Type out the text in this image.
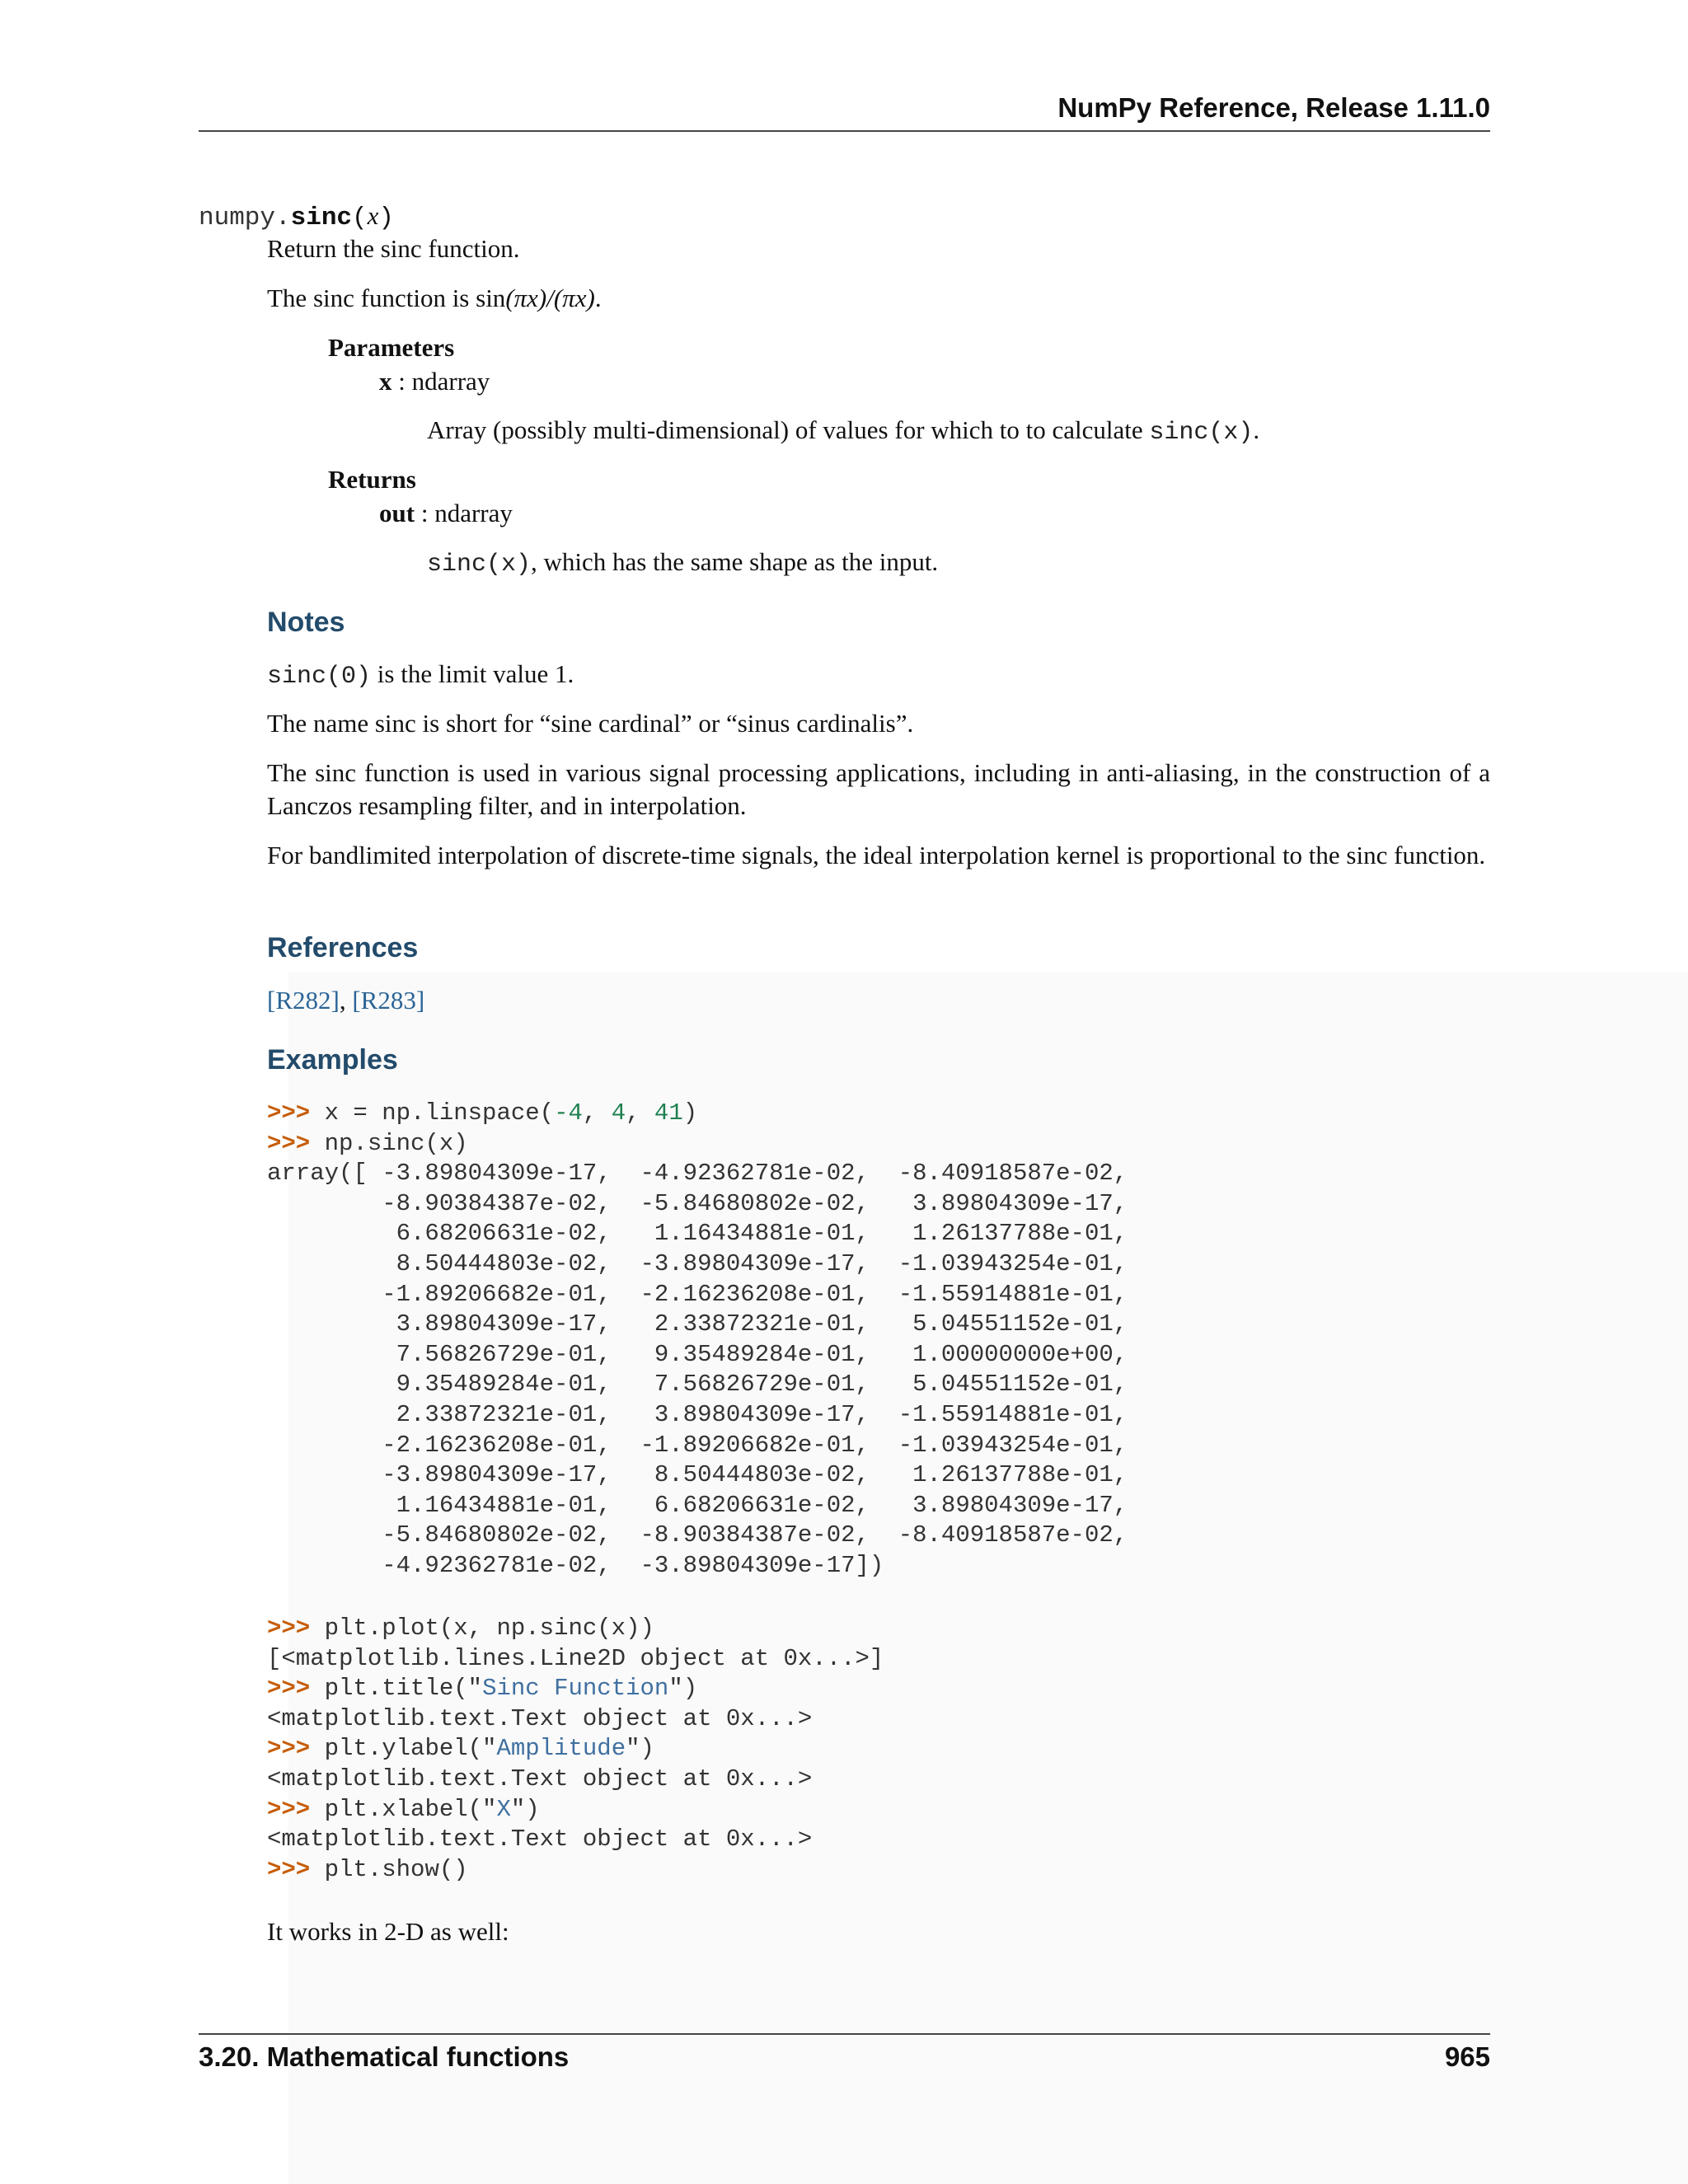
NumPy Reference, Release 1.11.0
numpy.sinc(x)
Return the sinc function.
The sinc function is sin(πx)/(πx).
Parameters
x : ndarray
Array (possibly multi-dimensional) of values for which to to calculate sinc(x).
Returns
out : ndarray
sinc(x), which has the same shape as the input.
Notes
sinc(0) is the limit value 1.
The name sinc is short for “sine cardinal” or “sinus cardinalis”.
The sinc function is used in various signal processing applications, including in anti-aliasing, in the construction of a Lanczos resampling filter, and in interpolation.
For bandlimited interpolation of discrete-time signals, the ideal interpolation kernel is proportional to the sinc function.
References
[R282], [R283]
Examples
>>> x = np.linspace(-4, 4, 41)
>>> np.sinc(x)
array([ -3.89804309e-17,  -4.92362781e-02,  -8.40918587e-02,
-8.90384387e-02,  -5.84680802e-02,   3.89804309e-17,
6.68206631e-02,   1.16434881e-01,   1.26137788e-01,
8.50444803e-02,  -3.89804309e-17,  -1.03943254e-01,
-1.89206682e-01,  -2.16236208e-01,  -1.55914881e-01,
3.89804309e-17,   2.33872321e-01,   5.04551152e-01,
7.56826729e-01,   9.35489284e-01,   1.00000000e+00,
9.35489284e-01,   7.56826729e-01,   5.04551152e-01,
2.33872321e-01,   3.89804309e-17,  -1.55914881e-01,
-2.16236208e-01,  -1.89206682e-01,  -1.03943254e-01,
-3.89804309e-17,   8.50444803e-02,   1.26137788e-01,
1.16434881e-01,   6.68206631e-02,   3.89804309e-17,
-5.84680802e-02,  -8.90384387e-02,  -8.40918587e-02,
-4.92362781e-02,  -3.89804309e-17])
>>> plt.plot(x, np.sinc(x))
[<matplotlib.lines.Line2D object at 0x...>]
>>> plt.title("Sinc Function")
<matplotlib.text.Text object at 0x...>
>>> plt.ylabel("Amplitude")
<matplotlib.text.Text object at 0x...>
>>> plt.xlabel("X")
<matplotlib.text.Text object at 0x...>
>>> plt.show()
It works in 2-D as well:
3.20. Mathematical functions	965
